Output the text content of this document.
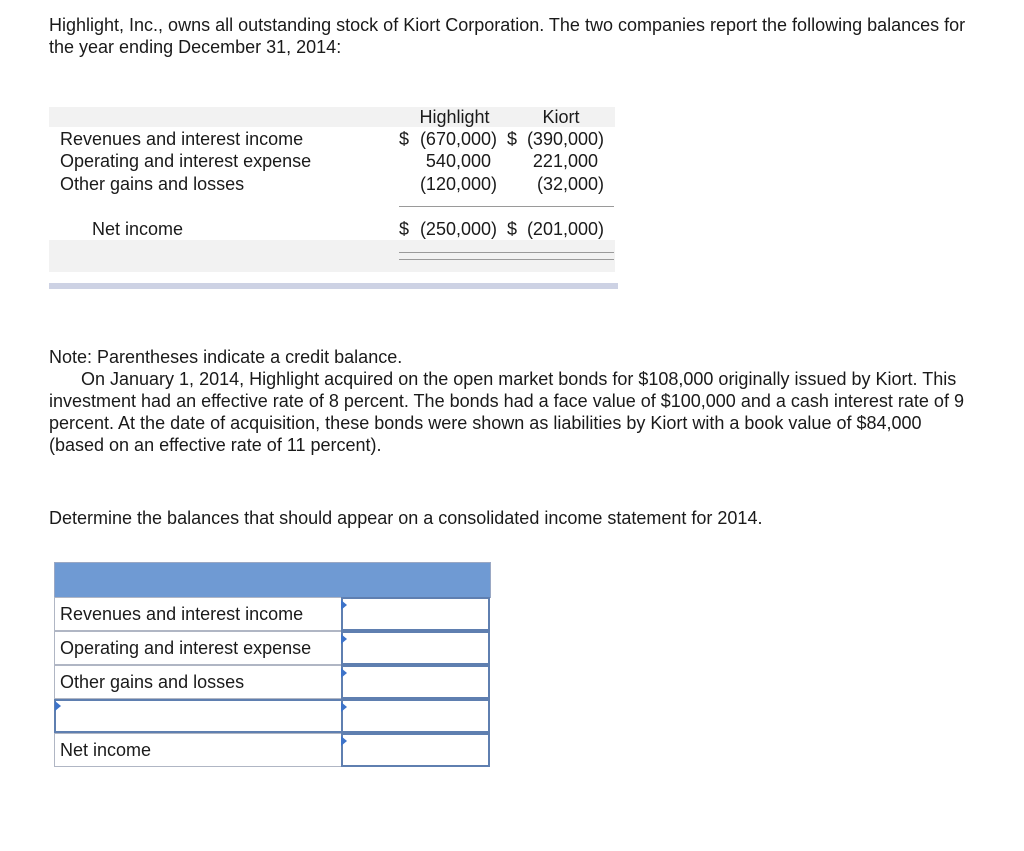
Highlight, Inc., owns all outstanding stock of Kiort Corporation. The two companies report the following balances for the year ending December 31, 2014:

Highlight	Kiort
Revenues and interest income	$ (670,000) $ (390,000)
Operating and interest expense	540,000 221,000
Other gains and losses	(120,000) (32,000)
Net income	$ (250,000) $ (201,000)
Note: Parentheses indicate a credit balance.
On January 1, 2014, Highlight acquired on the open market bonds for $108,000 originally issued by Kiort. This investment had an effective rate of 8 percent. The bonds had a face value of $100,000 and a cash interest rate of 9 percent. At the date of acquisition, these bonds were shown as liabilities by Kiort with a book value of $84,000 (based on an effective rate of 11 percent).

Determine the balances that should appear on a consolidated income statement for 2014.

Revenues and interest income
Operating and interest expense
Other gains and losses
Net income
